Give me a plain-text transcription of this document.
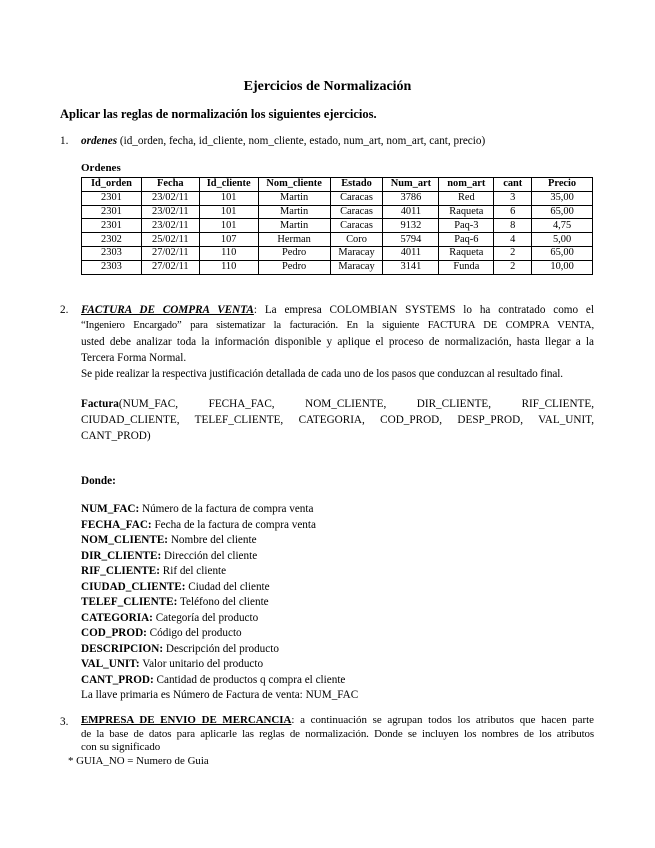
Ejercicios de Normalización
Aplicar las reglas de normalización los siguientes ejercicios.
1. ordenes (id_orden, fecha, id_cliente, nom_cliente, estado, num_art, nom_art, cant, precio)
Ordenes
Id_orden	Fecha	Id_cliente	Nom_cliente	Estado	Num_art	nom_art	cant	Precio
2301	23/02/11	101	Martin	Caracas	3786	Red	3	35,00
2301	23/02/11	101	Martin	Caracas	4011	Raqueta	6	65,00
2301	23/02/11	101	Martin	Caracas	9132	Paq-3	8	4,75
2302	25/02/11	107	Herman	Coro	5794	Paq-6	4	5,00
2303	27/02/11	110	Pedro	Maracay	4011	Raqueta	2	65,00
2303	27/02/11	110	Pedro	Maracay	3141	Funda	2	10,00
2. FACTURA DE COMPRA VENTA: La empresa COLOMBIAN SYSTEMS lo ha contratado como el
“Ingeniero Encargado” para sistematizar la facturación. En la siguiente FACTURA DE COMPRA VENTA,
usted debe analizar toda la información disponible y aplique el proceso de normalización, hasta llegar a la
Tercera Forma Normal.
Se pide realizar la respectiva justificación detallada de cada uno de los pasos que conduzcan al resultado final.
Factura(NUM_FAC, FECHA_FAC, NOM_CLIENTE, DIR_CLIENTE, RIF_CLIENTE,
CIUDAD_CLIENTE, TELEF_CLIENTE, CATEGORIA, COD_PROD, DESP_PROD, VAL_UNIT,
CANT_PROD)
Donde:
NUM_FAC: Número de la factura de compra venta
FECHA_FAC: Fecha de la factura de compra venta
NOM_CLIENTE: Nombre del cliente
DIR_CLIENTE: Dirección del cliente
RIF_CLIENTE: Rif del cliente
CIUDAD_CLIENTE: Ciudad del cliente
TELEF_CLIENTE: Teléfono del cliente
CATEGORIA: Categoría del producto
COD_PROD: Código del producto
DESCRIPCION: Descripción del producto
VAL_UNIT: Valor unitario del producto
CANT_PROD: Cantidad de productos q compra el cliente
La llave primaria es Número de Factura de venta: NUM_FAC
3. EMPRESA DE ENVIO DE MERCANCIA: a continuación se agrupan todos los atributos que hacen parte
de la base de datos para aplicarle las reglas de normalización. Donde se incluyen los nombres de los atributos
con su significado
* GUIA_NO = Numero de Guia
